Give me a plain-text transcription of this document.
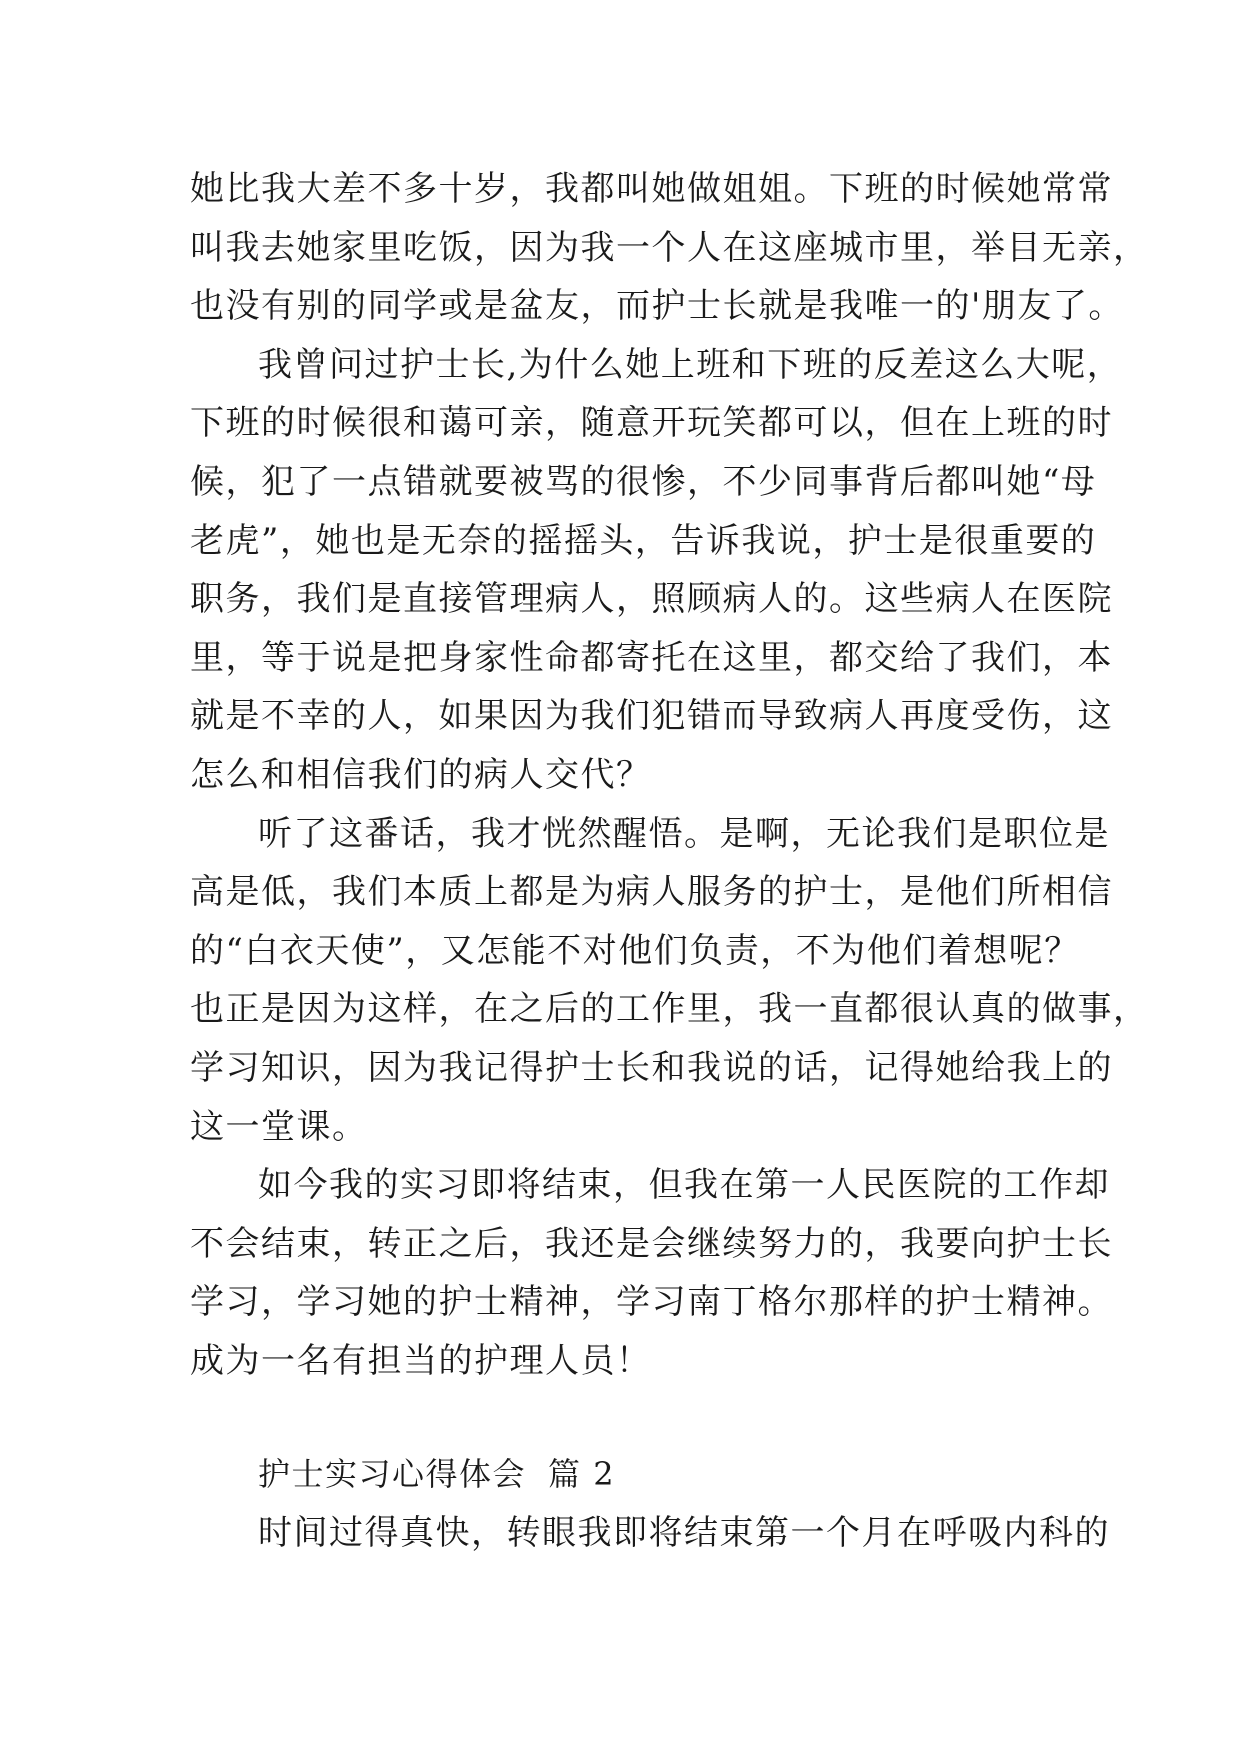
她比我大差不多十岁，我都叫她做姐姐。下班的时候她常常
叫我去她家里吃饭，因为我一个人在这座城市里，举目无亲，
也没有别的同学或是盆友，而护士长就是我唯一的'朋友了。
我曾问过护士长,为什么她上班和下班的反差这么大呢，
下班的时候很和蔼可亲，随意开玩笑都可以，但在上班的时
候，犯了一点错就要被骂的很惨，不少同事背后都叫她“母
老虎”，她也是无奈的摇摇头，告诉我说，护士是很重要的
职务，我们是直接管理病人，照顾病人的。这些病人在医院
里，等于说是把身家性命都寄托在这里，都交给了我们，本
就是不幸的人，如果因为我们犯错而导致病人再度受伤，这
怎么和相信我们的病人交代？
听了这番话，我才恍然醒悟。是啊，无论我们是职位是
高是低，我们本质上都是为病人服务的护士，是他们所相信
的“白衣天使”，又怎能不对他们负责，不为他们着想呢？
也正是因为这样，在之后的工作里，我一直都很认真的做事，
学习知识，因为我记得护士长和我说的话，记得她给我上的
这一堂课。
如今我的实习即将结束，但我在第一人民医院的工作却
不会结束，转正之后，我还是会继续努力的，我要向护士长
学习，学习她的护士精神，学习南丁格尔那样的护士精神。
成为一名有担当的护理人员！
护士实习心得体会 篇 2
时间过得真快，转眼我即将结束第一个月在呼吸内科的
